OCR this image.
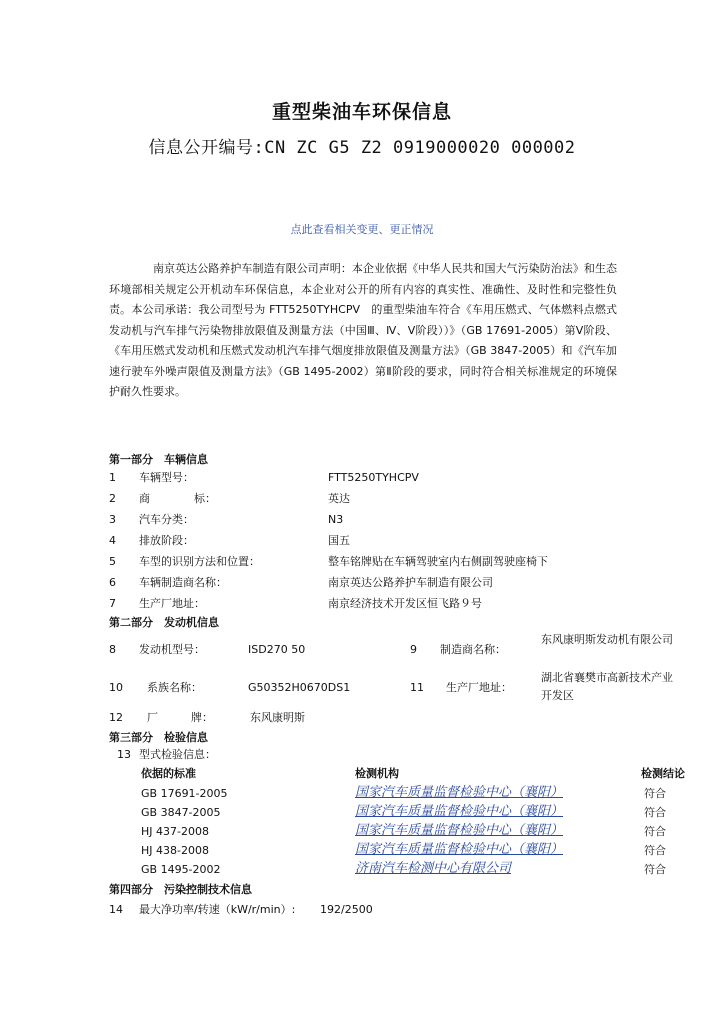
重型柴油车环保信息
信息公开编号:CN ZC G5 Z2 0919000020 000002
点此查看相关变更、更正情况

南京英达公路养护车制造有限公司声明：本企业依据《中华人民共和国大气污染防治法》和生态环境部相关规定公开机动车环保信息，本企业对公开的所有内容的真实性、准确性、及时性和完整性负责。本公司承诺：我公司型号为 FTT5250TYHCPV　的重型柴油车符合《车用压燃式、气体燃料点燃式发动机与汽车排气污染物排放限值及测量方法（中国Ⅲ、Ⅳ、Ⅴ阶段））》（GB 17691-2005）第Ⅴ阶段、《车用压燃式发动机和压燃式发动机汽车排气烟度排放限值及测量方法》（GB 3847-2005）和《汽车加速行驶车外噪声限值及测量方法》（GB 1495-2002）第Ⅱ阶段的要求，同时符合相关标准规定的环境保护耐久性要求。

第一部分　车辆信息
1 车辆型号：	FTT5250TYHCPV
2 商　　　　标：	英达
3 汽车分类：	N3
4 排放阶段：	国五
5 车型的识别方法和位置：	整车铭牌贴在车辆驾驶室内右侧副驾驶座椅下
6 车辆制造商名称：	南京英达公路养护车制造有限公司
7 生产厂地址：	南京经济技术开发区恒飞路９号
第二部分　发动机信息
8 发动机型号：	ISD270 50	9 制造商名称：
东风康明斯发动机有限公司
10 系族名称：	G50352H0670DS1	11 生产厂地址：
湖北省襄樊市高新技术产业开发区
12 厂　　　牌：	东风康明斯
第三部分　检验信息
13 型式检验信息：
依据的标准	检测机构	检测结论
GB 17691-2005	国家汽车质量监督检验中心（襄阳）	符合
GB 3847-2005	国家汽车质量监督检验中心（襄阳）	符合
HJ 437-2008	国家汽车质量监督检验中心（襄阳）	符合
HJ 438-2008	国家汽车质量监督检验中心（襄阳）	符合
GB 1495-2002	济南汽车检测中心有限公司	符合
第四部分　污染控制技术信息
14 最大净功率/转速（kW/r/min）: 192/2500
